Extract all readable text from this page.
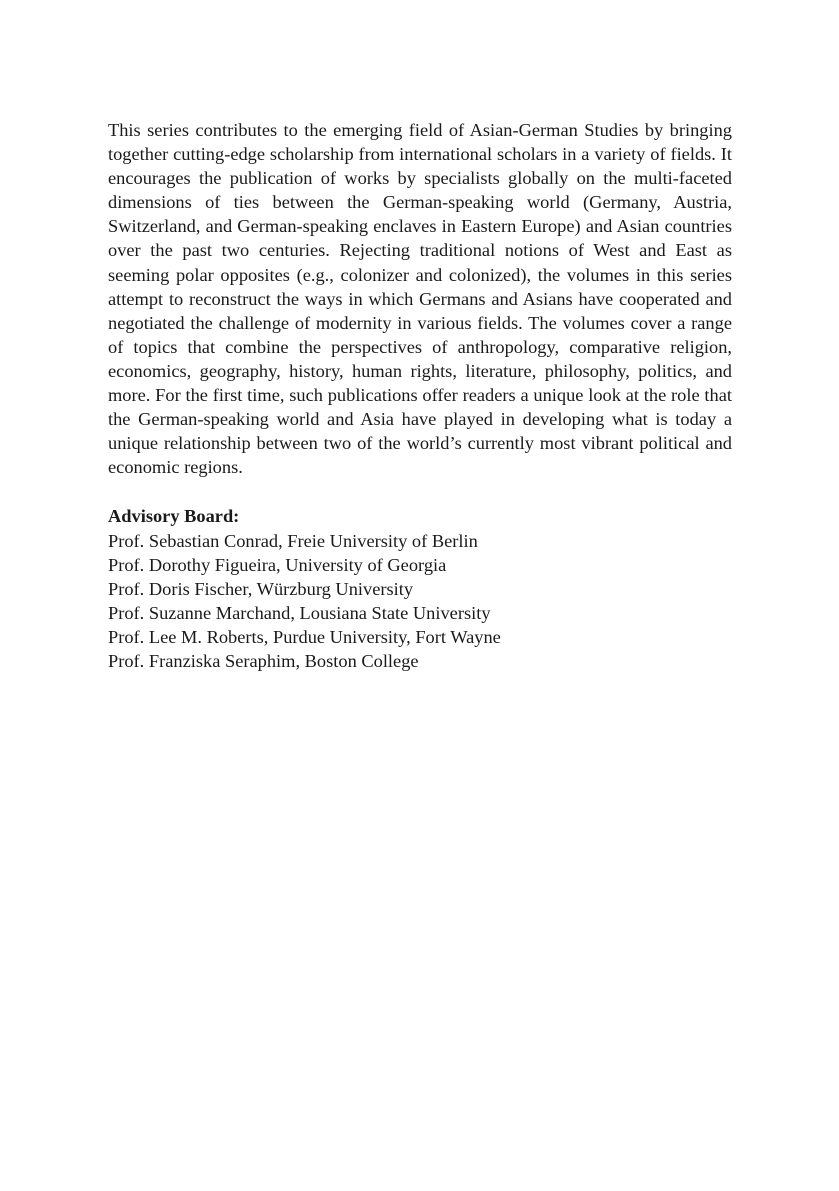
This series contributes to the emerging field of Asian-German Studies by bringing together cutting-edge scholarship from international scholars in a variety of fields. It encourages the publication of works by specialists globally on the multi-faceted dimensions of ties between the German-speaking world (Germany, Austria, Switzerland, and German-speaking enclaves in Eastern Europe) and Asian countries over the past two centuries. Rejecting traditional notions of West and East as seeming polar opposites (e.g., colonizer and colonized), the volumes in this series attempt to reconstruct the ways in which Germans and Asians have cooperated and negotiated the challenge of modernity in various fields. The volumes cover a range of topics that combine the perspectives of anthropology, comparative religion, economics, geography, history, human rights, literature, philosophy, politics, and more. For the first time, such publications offer readers a unique look at the role that the German-speaking world and Asia have played in developing what is today a unique relationship between two of the world’s currently most vibrant political and economic regions.

Advisory Board:
Prof. Sebastian Conrad, Freie University of Berlin
Prof. Dorothy Figueira, University of Georgia
Prof. Doris Fischer, Würzburg University
Prof. Suzanne Marchand, Lousiana State University
Prof. Lee M. Roberts, Purdue University, Fort Wayne
Prof. Franziska Seraphim, Boston College
